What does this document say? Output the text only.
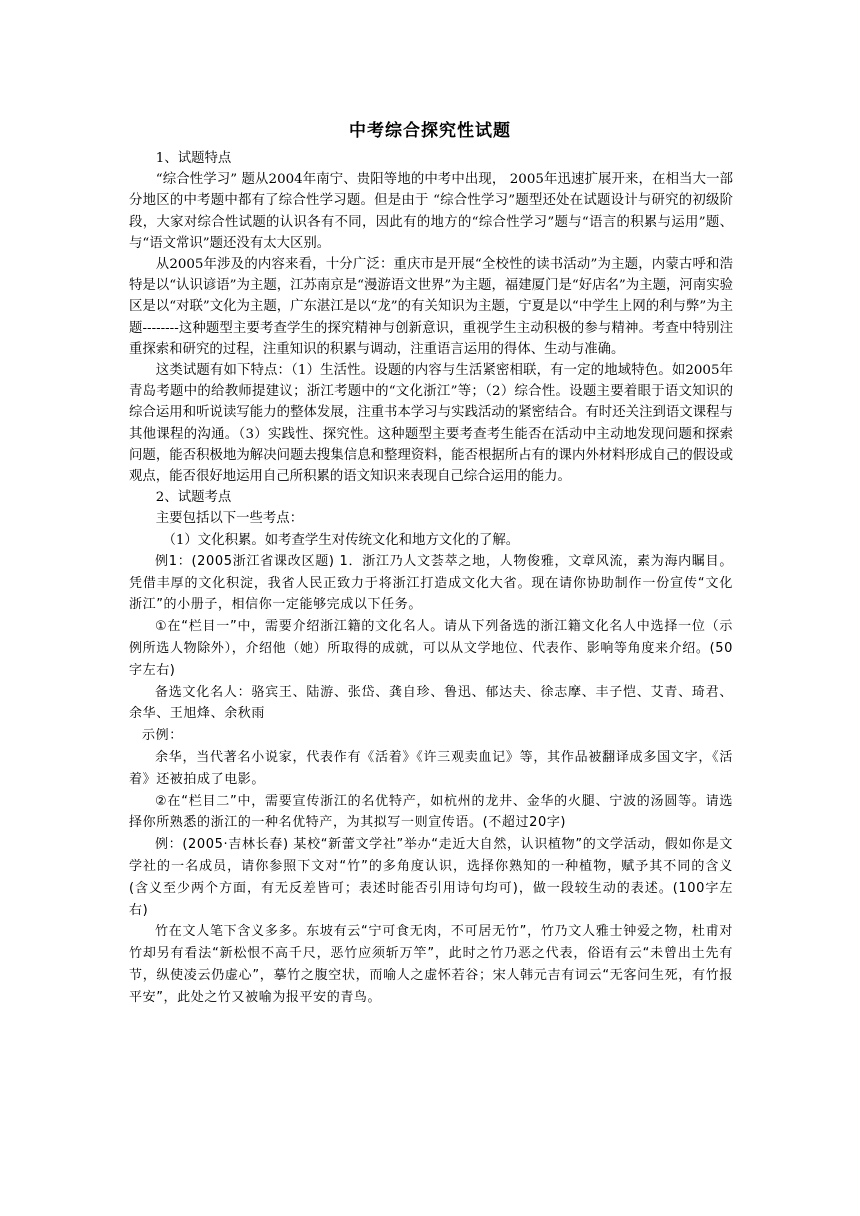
中考综合探究性试题

1、试题特点

“综合性学习” 题从2004年南宁、贵阳等地的中考中出现， 2005年迅速扩展开来，在相当大一部分地区的中考题中都有了综合性学习题。但是由于 “综合性学习”题型还处在试题设计与研究的初级阶段，大家对综合性试题的认识各有不同，因此有的地方的“综合性学习”题与“语言的积累与运用”题、与“语文常识”题还没有太大区别。

从2005年涉及的内容来看，十分广泛：重庆市是开展“全校性的读书活动”为主题，内蒙古呼和浩特是以“认识谚语”为主题，江苏南京是“漫游语文世界”为主题，福建厦门是“好店名”为主题，河南实验区是以“对联”文化为主题，广东湛江是以“龙”的有关知识为主题，宁夏是以“中学生上网的利与弊”为主题--------这种题型主要考查学生的探究精神与创新意识，重视学生主动积极的参与精神。考查中特别注重探索和研究的过程，注重知识的积累与调动，注重语言运用的得体、生动与准确。

这类试题有如下特点：（1）生活性。设题的内容与生活紧密相联，有一定的地域特色。如2005年青岛考题中的给教师提建议；浙江考题中的“文化浙江”等；（2）综合性。设题主要着眼于语文知识的综合运用和听说读写能力的整体发展，注重书本学习与实践活动的紧密结合。有时还关注到语文课程与其他课程的沟通。（3）实践性、探究性。这种题型主要考查考生能否在活动中主动地发现问题和探索问题，能否积极地为解决问题去搜集信息和整理资料，能否根据所占有的课内外材料形成自己的假设或观点，能否很好地运用自己所积累的语文知识来表现自己综合运用的能力。

2、试题考点

主要包括以下一些考点：

（1）文化积累。如考查学生对传统文化和地方文化的了解。

例1：(2005浙江省课改区题) 1．浙江乃人文荟萃之地，人物俊雅，文章风流，素为海内瞩目。凭借丰厚的文化积淀，我省人民正致力于将浙江打造成文化大省。现在请你协助制作一份宣传“文化浙江”的小册子，相信你一定能够完成以下任务。

①在“栏目一”中，需要介绍浙江籍的文化名人。请从下列备选的浙江籍文化名人中选择一位（示例所选人物除外），介绍他（她）所取得的成就，可以从文学地位、代表作、影响等角度来介绍。(50字左右)

备选文化名人：骆宾王、陆游、张岱、龚自珍、鲁迅、郁达夫、徐志摩、丰子恺、艾青、琦君、余华、王旭烽、余秋雨

示例：

余华，当代著名小说家，代表作有《活着》《许三观卖血记》等，其作品被翻译成多国文字，《活着》还被拍成了电影。

②在“栏目二”中，需要宣传浙江的名优特产，如杭州的龙井、金华的火腿、宁波的汤圆等。请选择你所熟悉的浙江的一种名优特产，为其拟写一则宣传语。(不超过20字)

例：(2005·吉林长春) 某校“新蕾文学社”举办“走近大自然，认识植物”的文学活动，假如你是文学社的一名成员，请你参照下文对“竹”的多角度认识，选择你熟知的一种植物，赋予其不同的含义(含义至少两个方面，有无反差皆可；表述时能否引用诗句均可)，做一段较生动的表述。(100字左右)

竹在文人笔下含义多多。东坡有云“宁可食无肉，不可居无竹”，竹乃文人雅士钟爱之物，杜甫对竹却另有看法“新松恨不高千尺，恶竹应须斩万竿”，此时之竹乃恶之代表，俗语有云“未曾出土先有节，纵使凌云仍虚心”，摹竹之腹空状，而喻人之虚怀若谷；宋人韩元吉有词云“无客问生死，有竹报平安”，此处之竹又被喻为报平安的青鸟。
